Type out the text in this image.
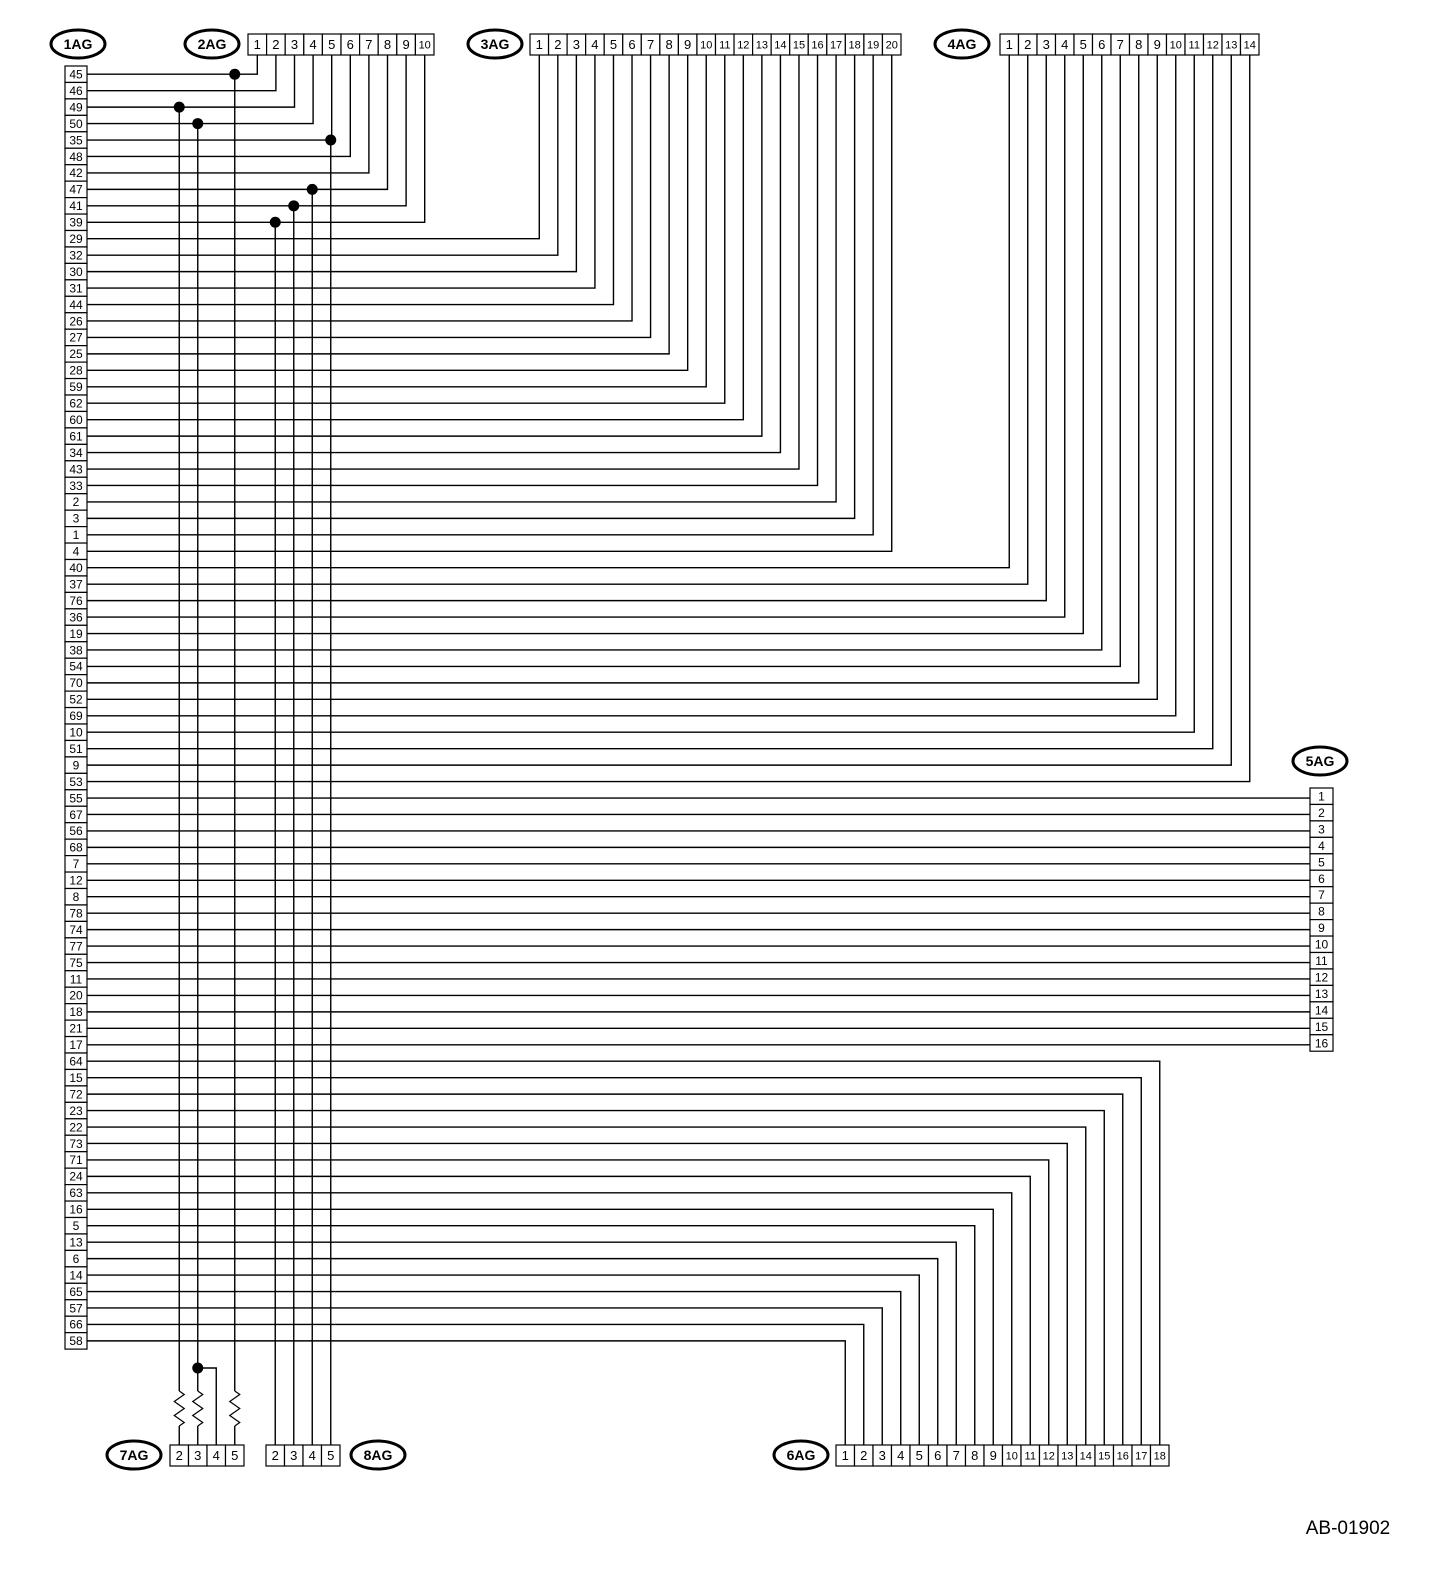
45
46
49
50
35
48
42
47
41
39
29
32
30
31
44
26
27
25
28
59
62
60
61
34
43
33
2
3
1
4
40
37
76
36
19
38
54
70
52
69
10
51
9
53
55
67
56
68
7
12
8
78
74
77
75
11
20
18
21
17
64
15
72
23
22
73
71
24
63
16
5
13
6
14
65
57
66
58
1AG	1 2 3 4 5 6 7 8 9 10
2AG	1 2 3 4 5 6 7 8 9 10 11 12 13 14 15 16 17 18 19 20
3AG	1 2 3 4 5 6 7 8 9 10 11 12 13 14
4AG
1
2
3
4
5
6
7
8
9
10
11
12
13
14
15
16
5AG
1 2 3 4 5 6 7 8 9 10 11 12 13 14 15 16 17 18
6AG
2 3 4 5
7AG	2 3 4 5 8AG
AB-01902
